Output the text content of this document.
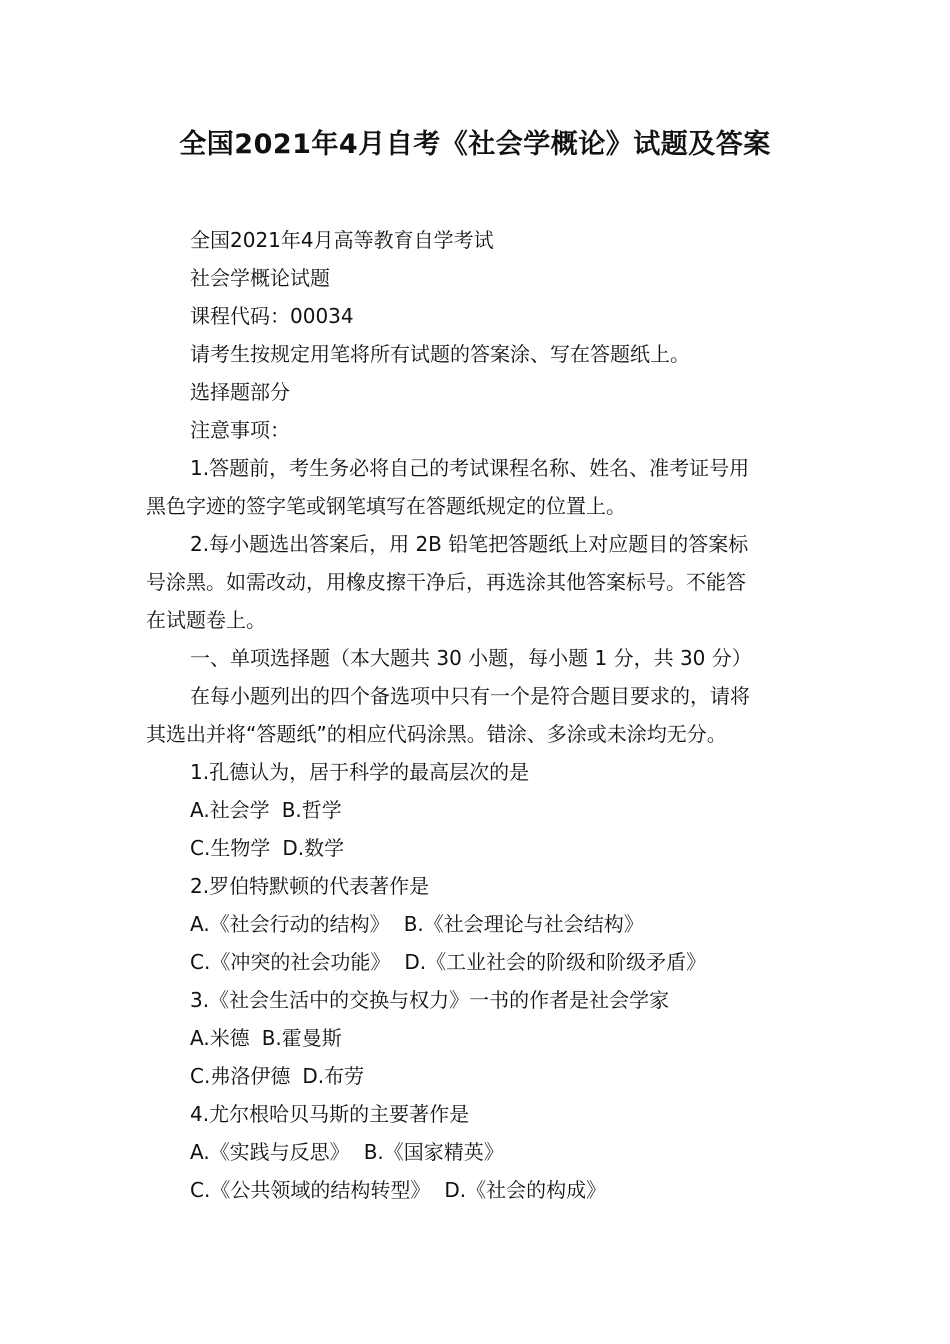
全国2021年4月自考《社会学概论》试题及答案
全国2021年4月高等教育自学考试
社会学概论试题
课程代码：00034
请考生按规定用笔将所有试题的答案涂、写在答题纸上。
选择题部分
注意事项：
1.答题前，考生务必将自己的考试课程名称、姓名、准考证号用
黑色字迹的签字笔或钢笔填写在答题纸规定的位置上。
2.每小题选出答案后，用 2B 铅笔把答题纸上对应题目的答案标
号涂黑。如需改动，用橡皮擦干净后，再选涂其他答案标号。不能答
在试题卷上。
一、单项选择题（本大题共 30 小题，每小题 1 分，共 30 分）
在每小题列出的四个备选项中只有一个是符合题目要求的，请将
其选出并将“答题纸”的相应代码涂黑。错涂、多涂或未涂均无分。
1.孔德认为，居于科学的最高层次的是
A.社会学 B.哲学
C.生物学 D.数学
2.罗伯特默顿的代表著作是
A.《社会行动的结构》 B.《社会理论与社会结构》
C.《冲突的社会功能》 D.《工业社会的阶级和阶级矛盾》
3.《社会生活中的交换与权力》一书的作者是社会学家
A.米德 B.霍曼斯
C.弗洛伊德 D.布劳
4.尤尔根哈贝马斯的主要著作是
A.《实践与反思》 B.《国家精英》
C.《公共领域的结构转型》 D.《社会的构成》
